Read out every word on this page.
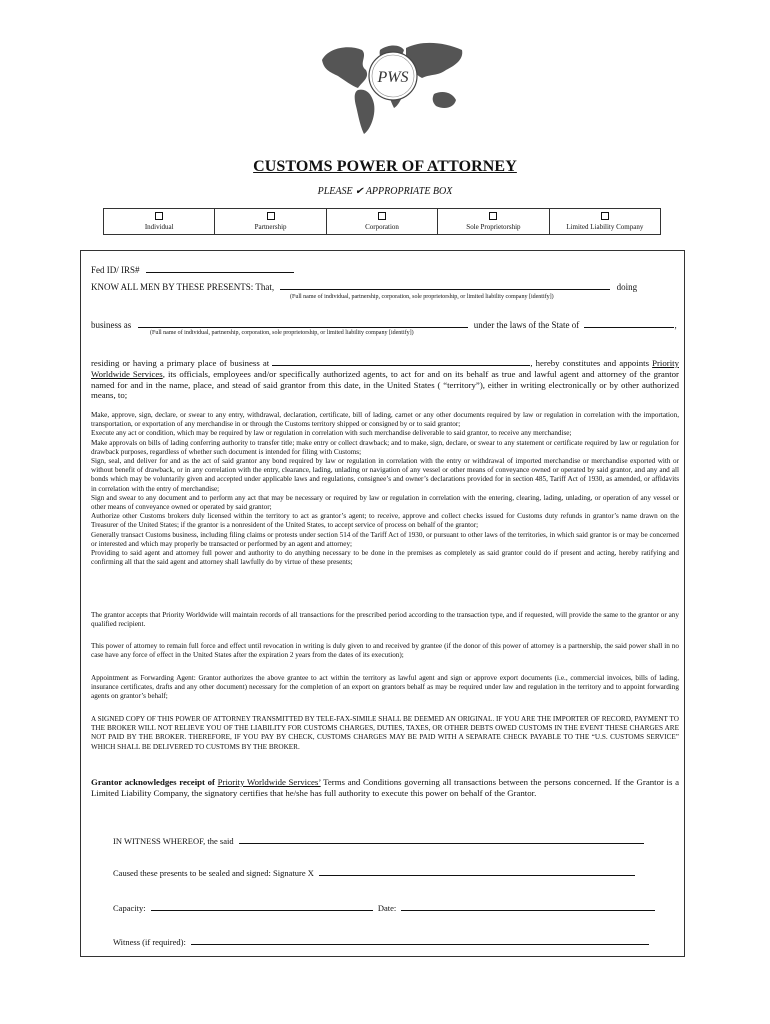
PWS
CUSTOMS POWER OF ATTORNEY
PLEASE ✔ APPROPRIATE BOX
Individual	Partnership	Corporation	Sole Proprietorship	Limited Liability Company
Fed ID/ IRS#
KNOW ALL MEN BY THESE PRESENTS: That,	doing
(Full name of individual, partnership, corporation, sole proprietorship, or limited liability company [identify])
business as	under the laws of the State of	,
(Full name of individual, partnership, corporation, sole proprietorship, or limited liability company [identify])
residing or having a primary place of business at	, hereby constitutes and appoints Priority Worldwide Services, its officials, employees and/or specifically authorized agents, to act for and on its behalf as true and lawful agent and attorney of the grantor named for and in the name, place, and stead of said grantor from this date, in the United States ( “territory”), either in writing electronically or by other authorized means, to;

Make, approve, sign, declare, or swear to any entry, withdrawal, declaration, certificate, bill of lading, carnet or any other documents required by law or regulation in correlation with the importation, transportation, or exportation of any merchandise in or through the Customs territory shipped or consigned by or to said grantor;

Execute any act or condition, which may be required by law or regulation in correlation with such merchandise deliverable to said grantor, to receive any merchandise;

Make approvals on bills of lading conferring authority to transfer title; make entry or collect drawback; and to make, sign, declare, or swear to any statement or certificate required by law or regulation for drawback purposes, regardless of whether such document is intended for filing with Customs;

Sign, seal, and deliver for and as the act of said grantor any bond required by law or regulation in correlation with the entry or withdrawal of imported merchandise or merchandise exported with or without benefit of drawback, or in any correlation with the entry, clearance, lading, unlading or navigation of any vessel or other means of conveyance owned or operated by said grantor, and any and all bonds which may be voluntarily given and accepted under applicable laws and regulations, consignee’s and owner’s declarations provided for in section 485, Tariff Act of 1930, as amended, or affidavits in correlation with the entry of merchandise;

Sign and swear to any document and to perform any act that may be necessary or required by law or regulation in correlation with the entering, clearing, lading, unlading, or operation of any vessel or other means of conveyance owned or operated by said grantor;

Authorize other Customs brokers duly licensed within the territory to act as grantor’s agent; to receive, approve and collect checks issued for Customs duty refunds in grantor’s name drawn on the Treasurer of the United States; if the grantor is a nonresident of the United States, to accept service of process on behalf of the grantor;

Generally transact Customs business, including filing claims or protests under section 514 of the Tariff Act of 1930, or pursuant to other laws of the territories, in which said grantor is or may be concerned or interested and which may properly be transacted or performed by an agent and attorney;

Providing to said agent and attorney full power and authority to do anything necessary to be done in the premises as completely as said grantor could do if present and acting, hereby ratifying and confirming all that the said agent and attorney shall lawfully do by virtue of these presents;

The grantor accepts that Priority Worldwide will maintain records of all transactions for the prescribed period according to the transaction type, and if requested, will provide the same to the grantor or any qualified recipient.
This power of attorney to remain full force and effect until revocation in writing is duly given to and received by grantee (if the donor of this power of attorney is a partnership, the said power shall in no case have any force of effect in the United States after the expiration 2 years from the dates of its execution);
Appointment as Forwarding Agent: Grantor authorizes the above grantee to act within the territory as lawful agent and sign or approve export documents (i.e., commercial invoices, bills of lading, insurance certificates, drafts and any other document) necessary for the completion of an export on grantors behalf as may be required under law and regulation in the territory and to appoint forwarding agents on grantor’s behalf;
A SIGNED COPY OF THIS POWER OF ATTORNEY TRANSMITTED BY TELE-FAX-SIMILE SHALL BE DEEMED AN ORIGINAL. IF YOU ARE THE IMPORTER OF RECORD, PAYMENT TO THE BROKER WILL NOT RELIEVE YOU OF THE LIABILITY FOR CUSTOMS CHARGES, DUTIES, TAXES, OR OTHER DEBTS OWED CUSTOMS IN THE EVENT THESE CHARGES ARE NOT PAID BY THE BROKER. THEREFORE, IF YOU PAY BY CHECK, CUSTOMS CHARGES MAY BE PAID WITH A SEPARATE CHECK PAYABLE TO THE “U.S. CUSTOMS SERVICE” WHICH SHALL BE DELIVERED TO CUSTOMS BY THE BROKER.
Grantor acknowledges receipt of Priority Worldwide Services’ Terms and Conditions governing all transactions between the persons concerned. If the Grantor is a Limited Liability Company, the signatory certifies that he/she has full authority to execute this power on behalf of the Grantor.
IN WITNESS WHEREOF, the said
Caused these presents to be sealed and signed: Signature X
Capacity:	Date:
Witness (if required):
